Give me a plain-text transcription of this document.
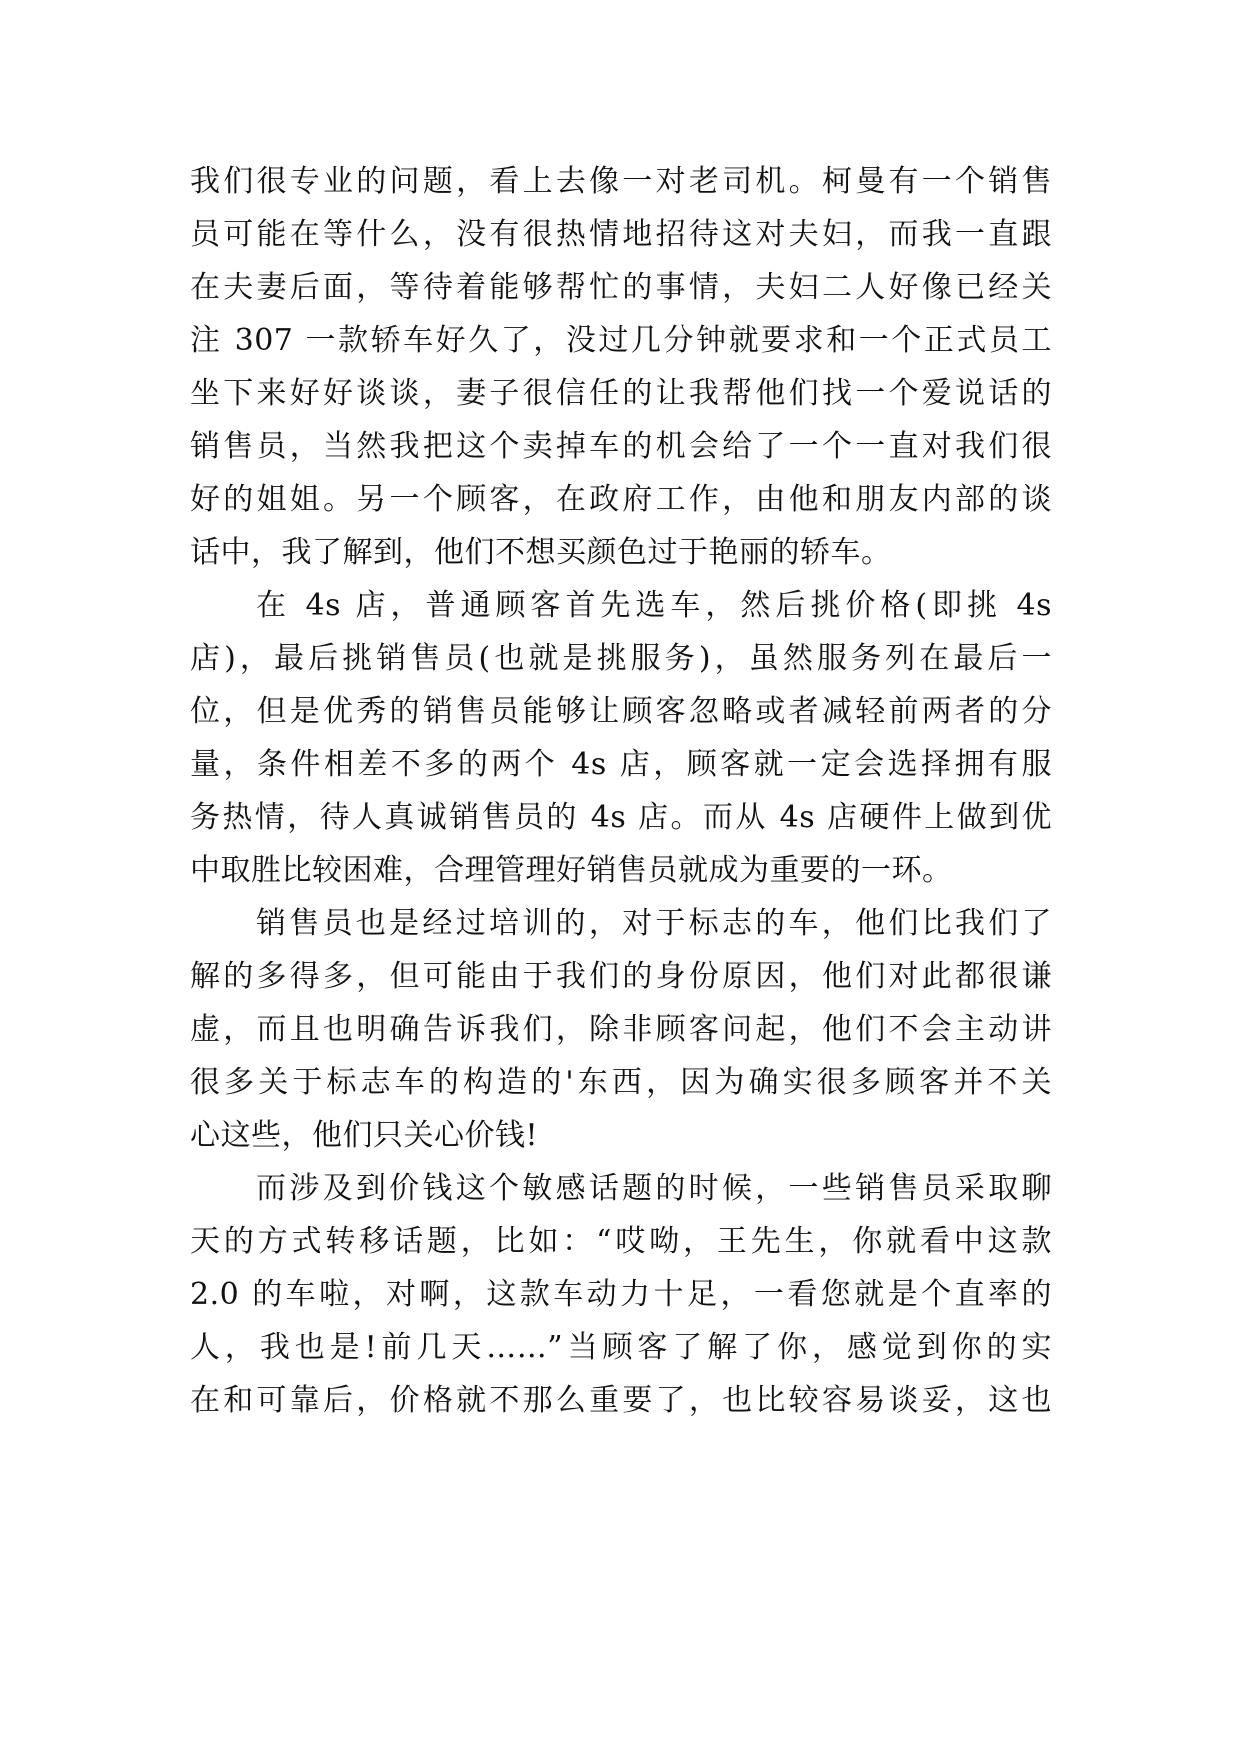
我们很专业的问题，看上去像一对老司机。柯曼有一个销售
员可能在等什么，没有很热情地招待这对夫妇，而我一直跟
在夫妻后面，等待着能够帮忙的事情，夫妇二人好像已经关
注 307 一款轿车好久了，没过几分钟就要求和一个正式员工
坐下来好好谈谈，妻子很信任的让我帮他们找一个爱说话的
销售员，当然我把这个卖掉车的机会给了一个一直对我们很
好的姐姐。另一个顾客，在政府工作，由他和朋友内部的谈
话中，我了解到，他们不想买颜色过于艳丽的轿车。
在 4s 店，普通顾客首先选车，然后挑价格(即挑 4s
店)，最后挑销售员(也就是挑服务)，虽然服务列在最后一
位，但是优秀的销售员能够让顾客忽略或者减轻前两者的分
量，条件相差不多的两个 4s 店，顾客就一定会选择拥有服
务热情，待人真诚销售员的 4s 店。而从 4s 店硬件上做到优
中取胜比较困难，合理管理好销售员就成为重要的一环。
销售员也是经过培训的，对于标志的车，他们比我们了
解的多得多，但可能由于我们的身份原因，他们对此都很谦
虚，而且也明确告诉我们，除非顾客问起，他们不会主动讲
很多关于标志车的构造的'东西，因为确实很多顾客并不关
心这些，他们只关心价钱!
而涉及到价钱这个敏感话题的时候，一些销售员采取聊
天的方式转移话题，比如：“哎呦，王先生，你就看中这款
2.0 的车啦，对啊，这款车动力十足，一看您就是个直率的
人，我也是!前几天……”当顾客了解了你，感觉到你的实
在和可靠后，价格就不那么重要了，也比较容易谈妥，这也
